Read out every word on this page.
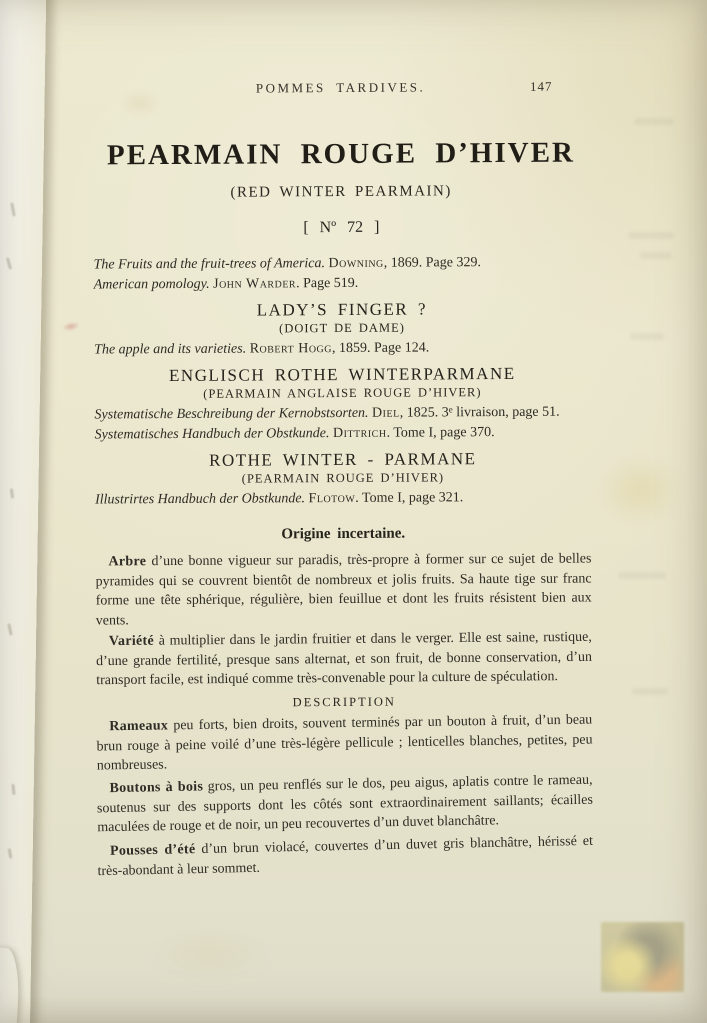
POMMES TARDIVES.	147
PEARMAIN ROUGE D’HIVER
(RED WINTER PEARMAIN)
[ Nº 72 ]
The Fruits and the fruit-trees of America. Downing, 1869. Page 329.
American pomology. John Warder. Page 519.
LADY’S FINGER ?
(DOIGT DE DAME)
The apple and its varieties. Robert Hogg, 1859. Page 124.
ENGLISCH ROTHE WINTERPARMANE
(PEARMAIN ANGLAISE ROUGE D’HIVER)
Systematische Beschreibung der Kernobstsorten. Diel, 1825. 3e livraison, page 51.
Systematisches Handbuch der Obstkunde. Dittrich. Tome I, page 370.
ROTHE WINTER - PARMANE
(PEARMAIN ROUGE D’HIVER)
Illustrirtes Handbuch der Obstkunde. Flotow. Tome I, page 321.
Origine incertaine.

Arbre d’une bonne vigueur sur paradis, très-propre à former sur ce sujet de belles pyramides qui se couvrent bientôt de nombreux et jolis fruits. Sa haute tige sur franc forme une tête sphérique, régulière, bien feuillue et dont les fruits résistent bien aux vents.

Variété à multiplier dans le jardin fruitier et dans le verger. Elle est saine, rustique, d’une grande fertilité, presque sans alternat, et son fruit, de bonne conservation, d’un transport facile, est indiqué comme très-convenable pour la culture de spéculation.

DESCRIPTION

Rameaux peu forts, bien droits, souvent terminés par un bouton à fruit, d’un beau brun rouge à peine voilé d’une très-légère pellicule ; lenticelles blanches, petites, peu nombreuses.

Boutons à bois gros, un peu renflés sur le dos, peu aigus, aplatis contre le rameau, soutenus sur des supports dont les côtés sont extraordinairement saillants; écailles maculées de rouge et de noir, un peu recouvertes d’un duvet blanchâtre.

Pousses d’été d’un brun violacé, couvertes d’un duvet gris blanchâtre, hérissé et très-abondant à leur sommet.
